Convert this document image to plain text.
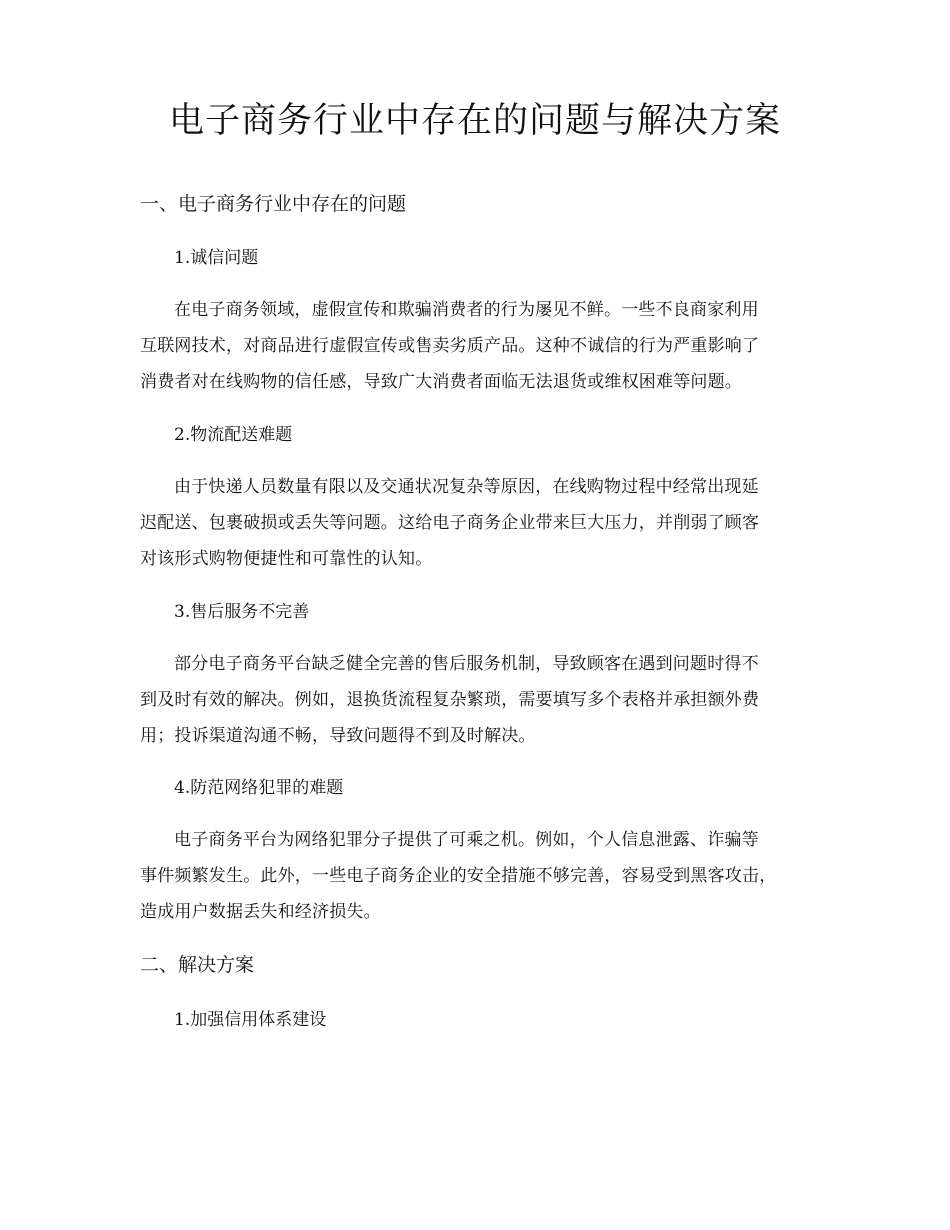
电子商务行业中存在的问题与解决方案
一、电子商务行业中存在的问题
1.诚信问题

在电子商务领域，虚假宣传和欺骗消费者的行为屡见不鲜。一些不良商家利用
互联网技术，对商品进行虚假宣传或售卖劣质产品。这种不诚信的行为严重影响了
消费者对在线购物的信任感，导致广大消费者面临无法退货或维权困难等问题。

2.物流配送难题

由于快递人员数量有限以及交通状况复杂等原因，在线购物过程中经常出现延
迟配送、包裹破损或丢失等问题。这给电子商务企业带来巨大压力，并削弱了顾客
对该形式购物便捷性和可靠性的认知。

3.售后服务不完善

部分电子商务平台缺乏健全完善的售后服务机制，导致顾客在遇到问题时得不
到及时有效的解决。例如，退换货流程复杂繁琐，需要填写多个表格并承担额外费
用；投诉渠道沟通不畅，导致问题得不到及时解决。

4.防范网络犯罪的难题

电子商务平台为网络犯罪分子提供了可乘之机。例如，个人信息泄露、诈骗等
事件频繁发生。此外，一些电子商务企业的安全措施不够完善，容易受到黑客攻击，
造成用户数据丢失和经济损失。

二、解决方案
1.加强信用体系建设
